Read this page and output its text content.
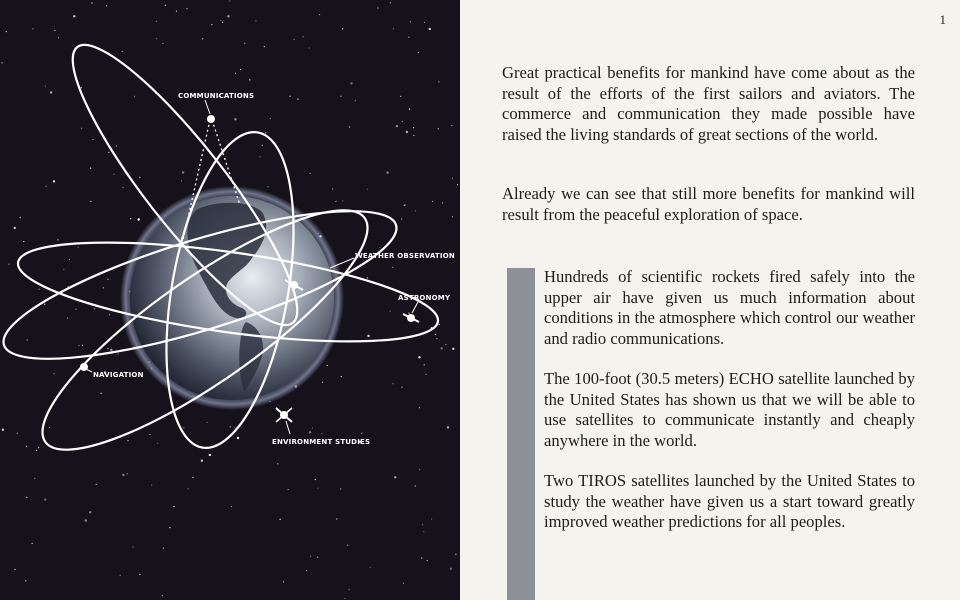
COMMUNICATIONS
WEATHER OBSERVATION
ASTRONOMY
NAVIGATION
ENVIRONMENT STUDIES
1

Great practical benefits for mankind have come about as the result of the efforts of the first sailors and aviators. The commerce and communication they made possible have raised the living standards of great sections of the world.

Already we can see that still more benefits for mankind will result from the peaceful exploration of space.

Hundreds of scientific rockets fired safely into the upper air have given us much information about conditions in the atmosphere which control our weather and radio communications.

The 100-foot (30.5 meters) ECHO satellite launched by the United States has shown us that we will be able to use satellites to communicate instantly and cheaply anywhere in the world.

Two TIROS satellites launched by the United States to study the weather have given us a start toward greatly improved weather predictions for all peoples.
